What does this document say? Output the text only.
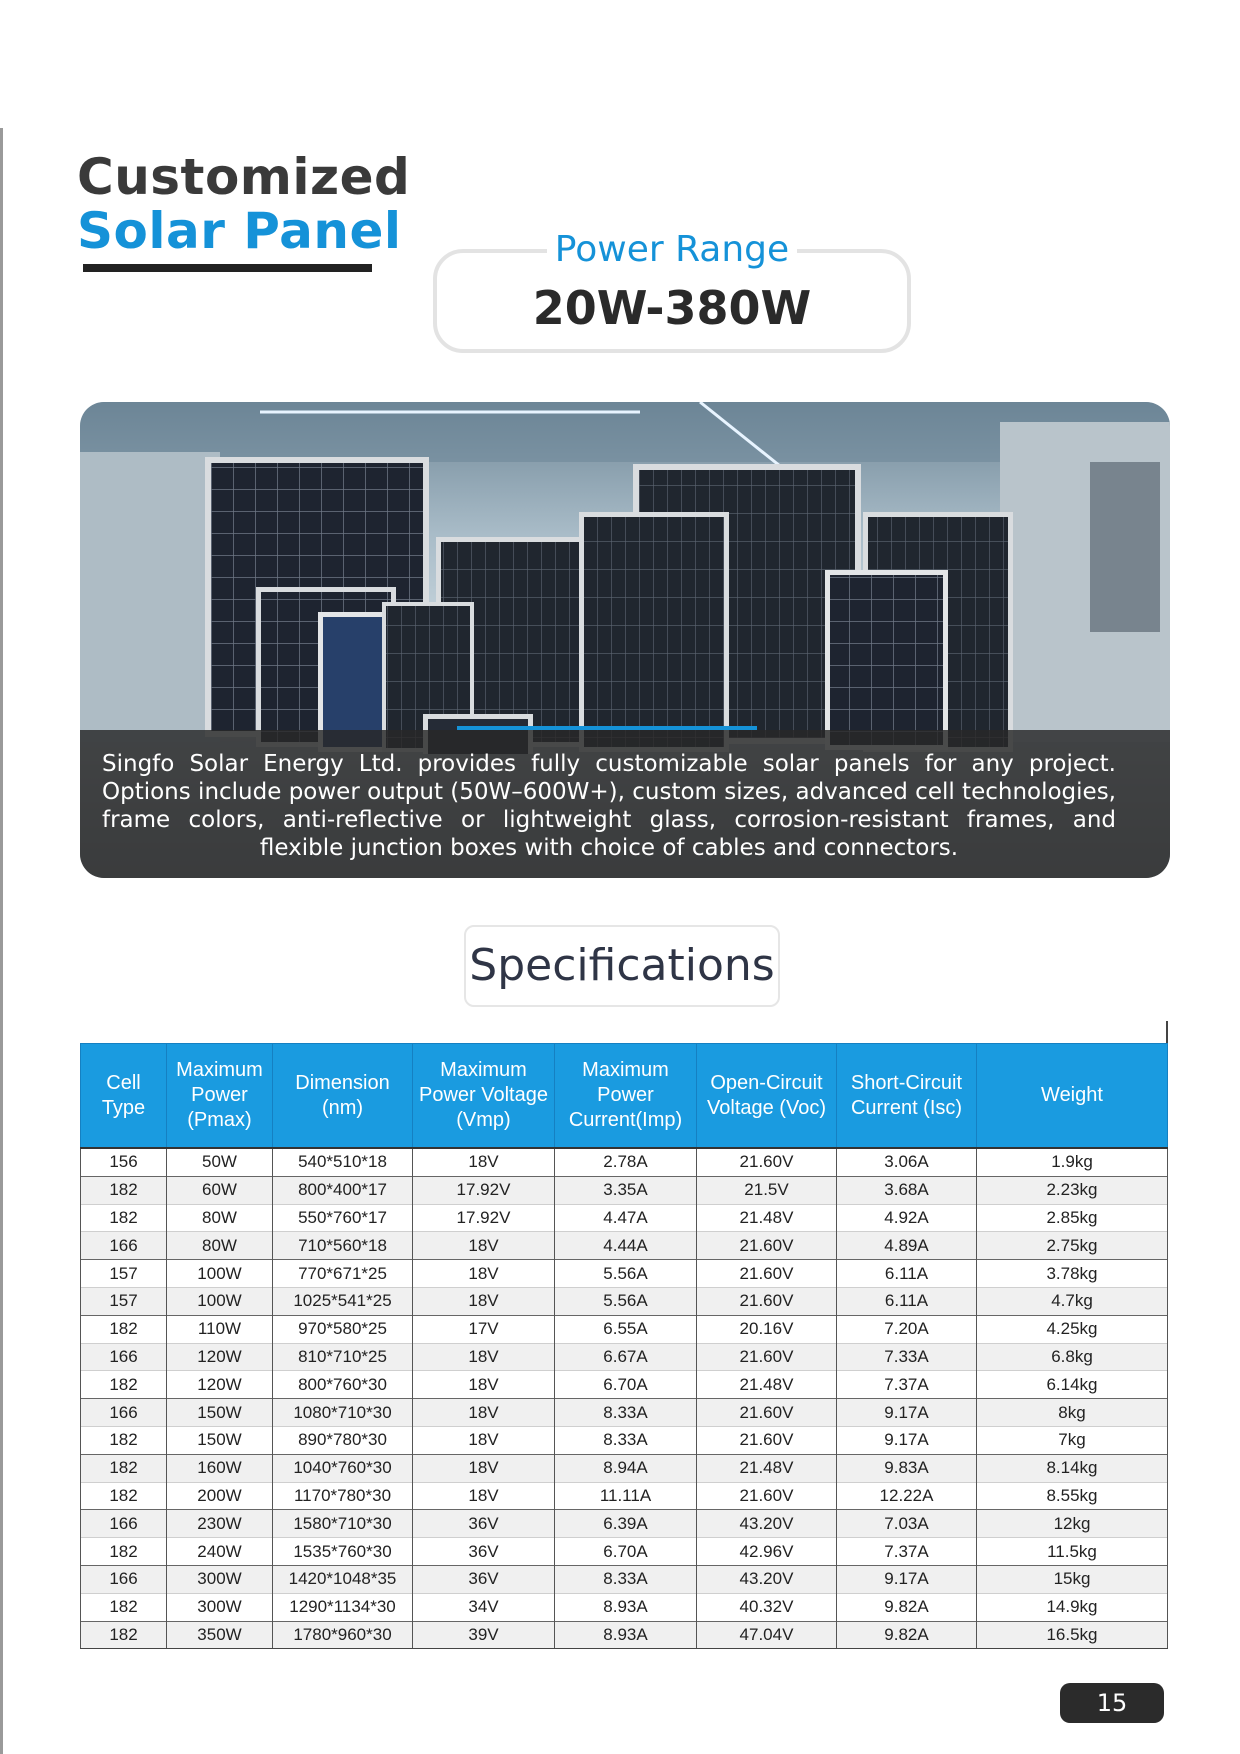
Customized
Solar Panel	Power Range
20W-380W
Singfo Solar Energy Ltd. provides fully customizable solar panels for any project. Options include power output (50W–600W+), custom sizes, advanced cell technologies, frame colors, anti-reflective or lightweight glass, corrosion-resistant frames, and flexible junction boxes with choice of cables and connectors.
Specifications
Cell Type	Maximum Power (Pmax)	Dimension (nm)	Maximum Power Voltage (Vmp)	Maximum Power Current(Imp)	Open-Circuit Voltage (Voc)	Short-Circuit Current (Isc)	Weight
156	50W	540*510*18	18V	2.78A	21.60V	3.06A	1.9kg
182	60W	800*400*17	17.92V	3.35A	21.5V	3.68A	2.23kg
182	80W	550*760*17	17.92V	4.47A	21.48V	4.92A	2.85kg
166	80W	710*560*18	18V	4.44A	21.60V	4.89A	2.75kg
157	100W	770*671*25	18V	5.56A	21.60V	6.11A	3.78kg
157	100W	1025*541*25	18V	5.56A	21.60V	6.11A	4.7kg
182	110W	970*580*25	17V	6.55A	20.16V	7.20A	4.25kg
166	120W	810*710*25	18V	6.67A	21.60V	7.33A	6.8kg
182	120W	800*760*30	18V	6.70A	21.48V	7.37A	6.14kg
166	150W	1080*710*30	18V	8.33A	21.60V	9.17A	8kg
182	150W	890*780*30	18V	8.33A	21.60V	9.17A	7kg
182	160W	1040*760*30	18V	8.94A	21.48V	9.83A	8.14kg
182	200W	1170*780*30	18V	11.11A	21.60V	12.22A	8.55kg
166	230W	1580*710*30	36V	6.39A	43.20V	7.03A	12kg
182	240W	1535*760*30	36V	6.70A	42.96V	7.37A	11.5kg
166	300W	1420*1048*35	36V	8.33A	43.20V	9.17A	15kg
182	300W	1290*1134*30	34V	8.93A	40.32V	9.82A	14.9kg
182	350W	1780*960*30	39V	8.93A	47.04V	9.82A	16.5kg
15
